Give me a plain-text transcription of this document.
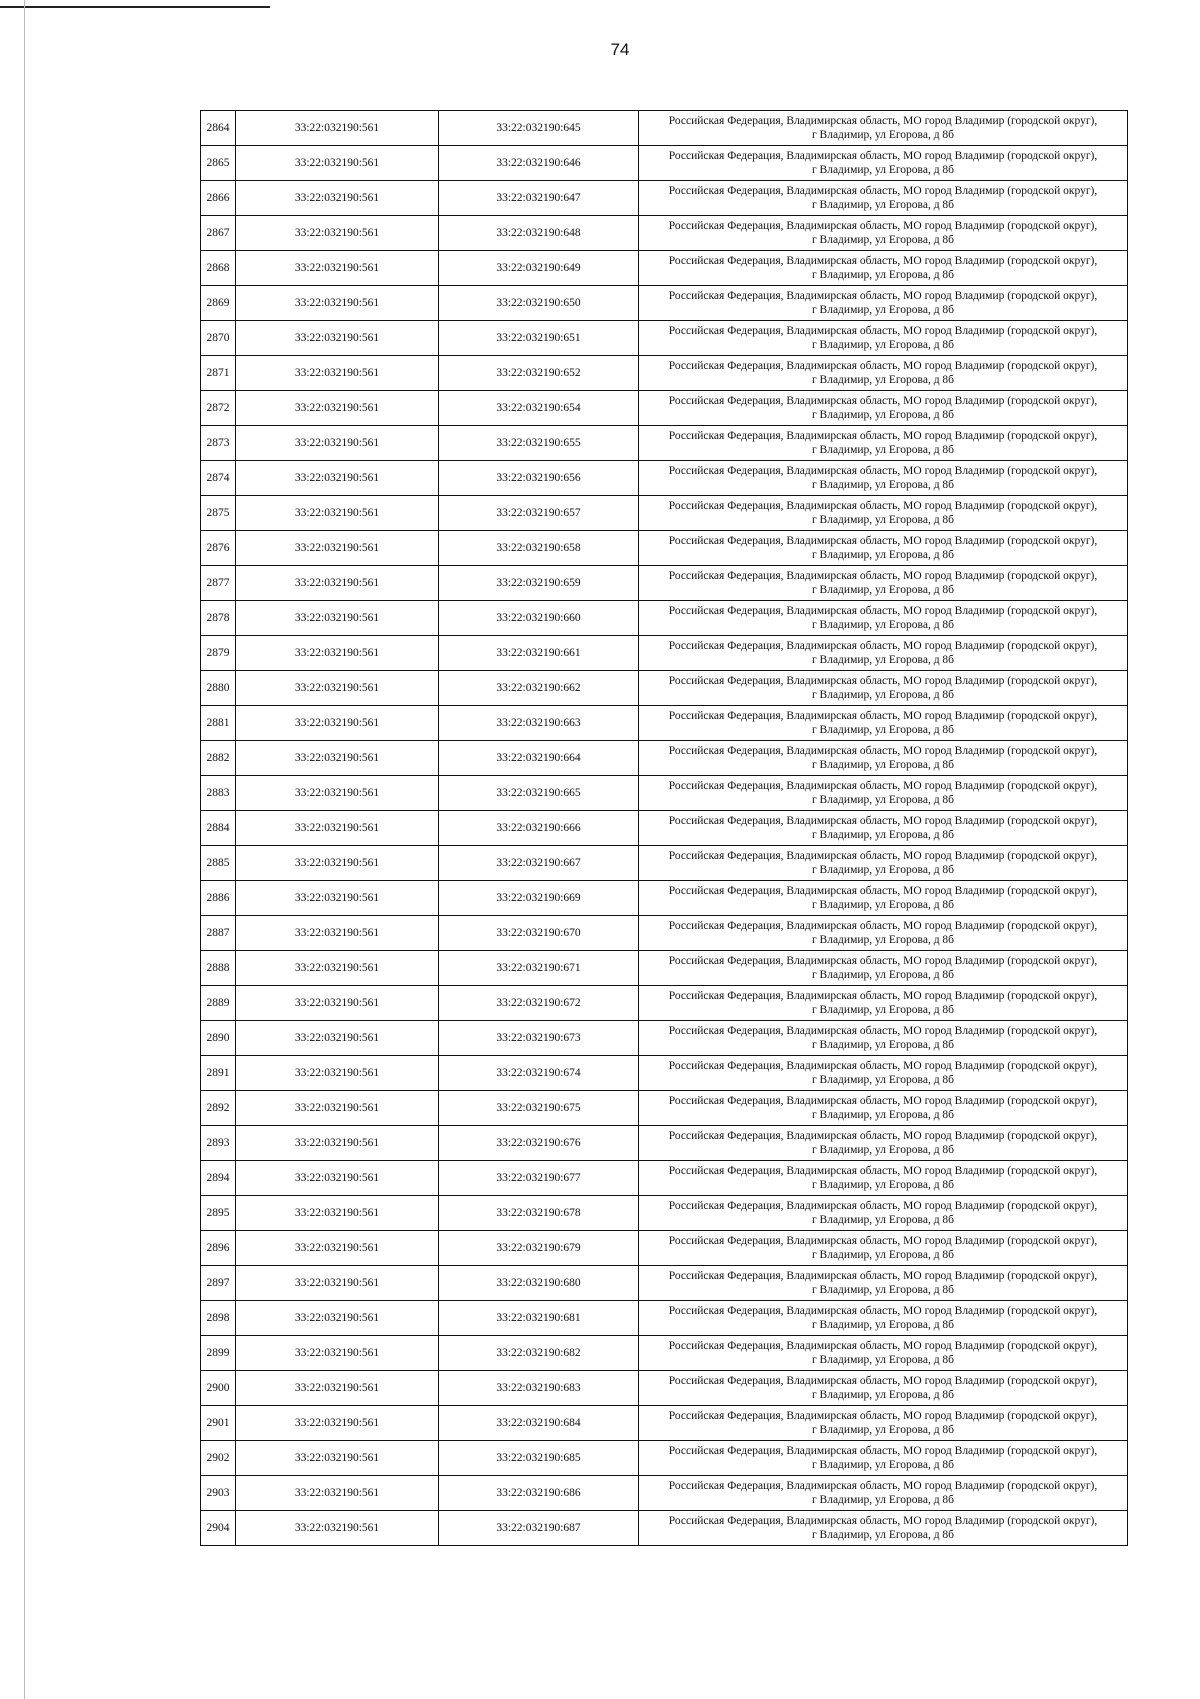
74
2864	33:22:032190:561	33:22:032190:645	Российская Федерация, Владимирская область, МО город Владимир (городской округ),
г Владимир, ул Егорова, д 8б

2865	33:22:032190:561	33:22:032190:646	Российская Федерация, Владимирская область, МО город Владимир (городской округ),
г Владимир, ул Егорова, д 8б

2866	33:22:032190:561	33:22:032190:647	Российская Федерация, Владимирская область, МО город Владимир (городской округ),
г Владимир, ул Егорова, д 8б

2867	33:22:032190:561	33:22:032190:648	Российская Федерация, Владимирская область, МО город Владимир (городской округ),
г Владимир, ул Егорова, д 8б

2868	33:22:032190:561	33:22:032190:649	Российская Федерация, Владимирская область, МО город Владимир (городской округ),
г Владимир, ул Егорова, д 8б

2869	33:22:032190:561	33:22:032190:650	Российская Федерация, Владимирская область, МО город Владимир (городской округ),
г Владимир, ул Егорова, д 8б

2870	33:22:032190:561	33:22:032190:651	Российская Федерация, Владимирская область, МО город Владимир (городской округ),
г Владимир, ул Егорова, д 8б

2871	33:22:032190:561	33:22:032190:652	Российская Федерация, Владимирская область, МО город Владимир (городской округ),
г Владимир, ул Егорова, д 8б

2872	33:22:032190:561	33:22:032190:654	Российская Федерация, Владимирская область, МО город Владимир (городской округ),
г Владимир, ул Егорова, д 8б

2873	33:22:032190:561	33:22:032190:655	Российская Федерация, Владимирская область, МО город Владимир (городской округ),
г Владимир, ул Егорова, д 8б

2874	33:22:032190:561	33:22:032190:656	Российская Федерация, Владимирская область, МО город Владимир (городской округ),
г Владимир, ул Егорова, д 8б

2875	33:22:032190:561	33:22:032190:657	Российская Федерация, Владимирская область, МО город Владимир (городской округ),
г Владимир, ул Егорова, д 8б

2876	33:22:032190:561	33:22:032190:658	Российская Федерация, Владимирская область, МО город Владимир (городской округ),
г Владимир, ул Егорова, д 8б

2877	33:22:032190:561	33:22:032190:659	Российская Федерация, Владимирская область, МО город Владимир (городской округ),
г Владимир, ул Егорова, д 8б

2878	33:22:032190:561	33:22:032190:660	Российская Федерация, Владимирская область, МО город Владимир (городской округ),
г Владимир, ул Егорова, д 8б

2879	33:22:032190:561	33:22:032190:661	Российская Федерация, Владимирская область, МО город Владимир (городской округ),
г Владимир, ул Егорова, д 8б

2880	33:22:032190:561	33:22:032190:662	Российская Федерация, Владимирская область, МО город Владимир (городской округ),
г Владимир, ул Егорова, д 8б

2881	33:22:032190:561	33:22:032190:663	Российская Федерация, Владимирская область, МО город Владимир (городской округ),
г Владимир, ул Егорова, д 8б

2882	33:22:032190:561	33:22:032190:664	Российская Федерация, Владимирская область, МО город Владимир (городской округ),
г Владимир, ул Егорова, д 8б

2883	33:22:032190:561	33:22:032190:665	Российская Федерация, Владимирская область, МО город Владимир (городской округ),
г Владимир, ул Егорова, д 8б

2884	33:22:032190:561	33:22:032190:666	Российская Федерация, Владимирская область, МО город Владимир (городской округ),
г Владимир, ул Егорова, д 8б

2885	33:22:032190:561	33:22:032190:667	Российская Федерация, Владимирская область, МО город Владимир (городской округ),
г Владимир, ул Егорова, д 8б

2886	33:22:032190:561	33:22:032190:669	Российская Федерация, Владимирская область, МО город Владимир (городской округ),
г Владимир, ул Егорова, д 8б

2887	33:22:032190:561	33:22:032190:670	Российская Федерация, Владимирская область, МО город Владимир (городской округ),
г Владимир, ул Егорова, д 8б

2888	33:22:032190:561	33:22:032190:671	Российская Федерация, Владимирская область, МО город Владимир (городской округ),
г Владимир, ул Егорова, д 8б

2889	33:22:032190:561	33:22:032190:672	Российская Федерация, Владимирская область, МО город Владимир (городской округ),
г Владимир, ул Егорова, д 8б

2890	33:22:032190:561	33:22:032190:673	Российская Федерация, Владимирская область, МО город Владимир (городской округ),
г Владимир, ул Егорова, д 8б

2891	33:22:032190:561	33:22:032190:674	Российская Федерация, Владимирская область, МО город Владимир (городской округ),
г Владимир, ул Егорова, д 8б

2892	33:22:032190:561	33:22:032190:675	Российская Федерация, Владимирская область, МО город Владимир (городской округ),
г Владимир, ул Егорова, д 8б

2893	33:22:032190:561	33:22:032190:676	Российская Федерация, Владимирская область, МО город Владимир (городской округ),
г Владимир, ул Егорова, д 8б

2894	33:22:032190:561	33:22:032190:677	Российская Федерация, Владимирская область, МО город Владимир (городской округ),
г Владимир, ул Егорова, д 8б

2895	33:22:032190:561	33:22:032190:678	Российская Федерация, Владимирская область, МО город Владимир (городской округ),
г Владимир, ул Егорова, д 8б

2896	33:22:032190:561	33:22:032190:679	Российская Федерация, Владимирская область, МО город Владимир (городской округ),
г Владимир, ул Егорова, д 8б

2897	33:22:032190:561	33:22:032190:680	Российская Федерация, Владимирская область, МО город Владимир (городской округ),
г Владимир, ул Егорова, д 8б

2898	33:22:032190:561	33:22:032190:681	Российская Федерация, Владимирская область, МО город Владимир (городской округ),
г Владимир, ул Егорова, д 8б

2899	33:22:032190:561	33:22:032190:682	Российская Федерация, Владимирская область, МО город Владимир (городской округ),
г Владимир, ул Егорова, д 8б

2900	33:22:032190:561	33:22:032190:683	Российская Федерация, Владимирская область, МО город Владимир (городской округ),
г Владимир, ул Егорова, д 8б

2901	33:22:032190:561	33:22:032190:684	Российская Федерация, Владимирская область, МО город Владимир (городской округ),
г Владимир, ул Егорова, д 8б

2902	33:22:032190:561	33:22:032190:685	Российская Федерация, Владимирская область, МО город Владимир (городской округ),
г Владимир, ул Егорова, д 8б

2903	33:22:032190:561	33:22:032190:686	Российская Федерация, Владимирская область, МО город Владимир (городской округ),
г Владимир, ул Егорова, д 8б

2904	33:22:032190:561	33:22:032190:687	Российская Федерация, Владимирская область, МО город Владимир (городской округ),
г Владимир, ул Егорова, д 8б
